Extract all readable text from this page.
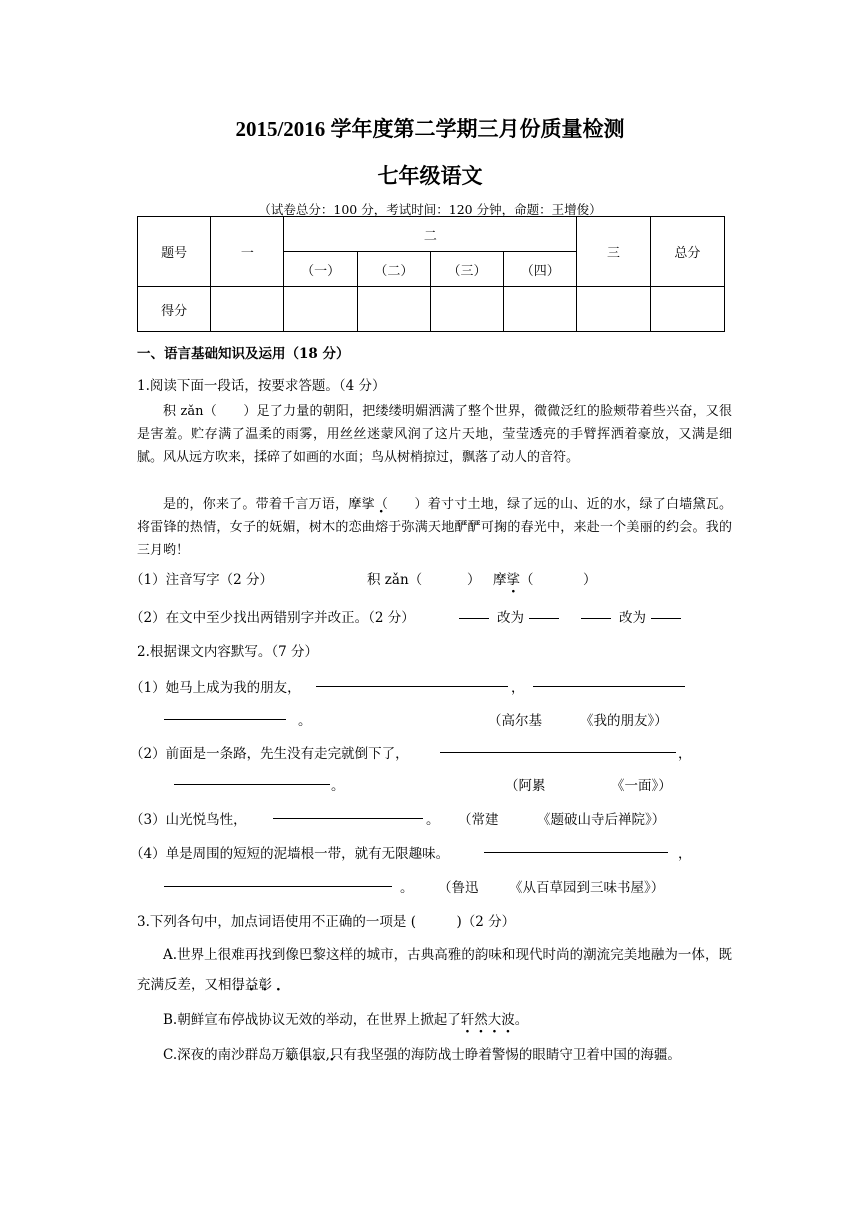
2015/2016 学年度第二学期三月份质量检测
七年级语文
（试卷总分：100 分，考试时间：120 分钟，命题：王增俊）
题号	一	二				三	总分
		（一）	（二）	（三）	（四）		
得分							
一、语言基础知识及运用（18 分）
1.阅读下面一段话，按要求答题。（4 分）
积 zǎn（　　）足了力量的朝阳，把缕缕明媚洒满了整个世界，微微泛红的脸颊带着些兴奋，又很是害羞。贮存满了温柔的雨雾，用丝丝迷蒙风润了这片天地，莹莹透亮的手臂挥洒着豪放，又满是细腻。风从远方吹来，揉碎了如画的水面；鸟从树梢掠过，飘落了动人的音符。
是的，你来了。带着千言万语，摩挲（　　）着寸寸土地，绿了远的山、近的水，绿了白墙黛瓦。将雷锋的热情，女子的妩媚，树木的恋曲熔于弥满天地酽酽可掬的春光中，来赴一个美丽的约会。我的三月哟！
（1）注音写字（2 分）	积 zǎn（	） 摩挲（	）
（2）在文中至少找出两错别字并改正。（2 分）	改为	改为
2.根据课文内容默写。（7 分）
（1）她马上成为我的朋友，	，
。	（高尔基	《我的朋友》）
（2）前面是一条路，先生没有走完就倒下了，	，
。	（阿累	《一面》）
（3）山光悦鸟性，	。 （常建	《题破山寺后禅院》）
（4）单是周围的短短的泥墙根一带，就有无限趣味。	，
。 （鲁迅 《从百草园到三味书屋》）
3.下列各句中，加点词语使用不正确的一项是 (　　　)（2 分）
A.世界上很难再找到像巴黎这样的城市，古典高雅的韵味和现代时尚的潮流完美地融为一体，既充满反差，又相得益彰
B.朝鲜宣布停战协议无效的举动，在世界上掀起了轩然大波。
C.深夜的南沙群岛万籁俱寂,只有我坚强的海防战士睁着警惕的眼睛守卫着中国的海疆。
